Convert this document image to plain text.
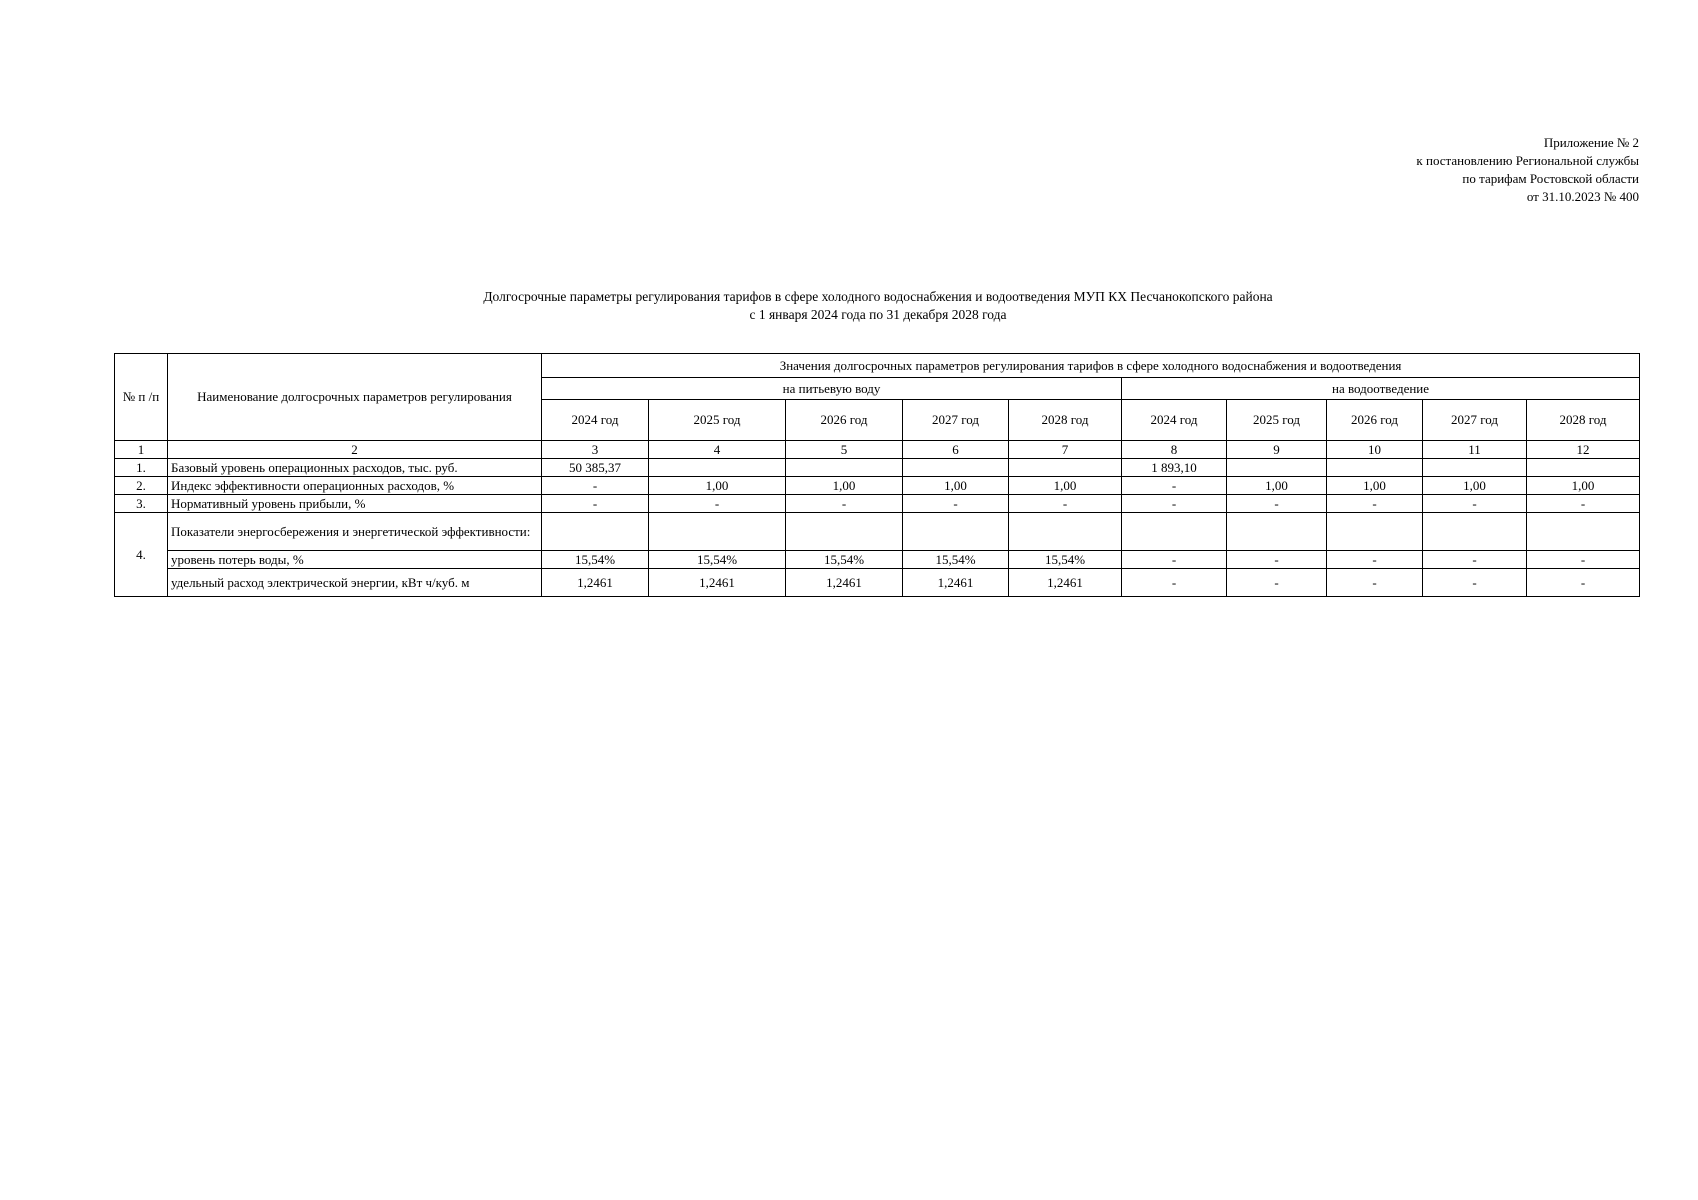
Приложение № 2
к постановлению Региональной службы
по тарифам Ростовской области
от 31.10.2023 № 400
Долгосрочные параметры регулирования тарифов в сфере холодного водоснабжения и водоотведения МУП КХ Песчанокопского района
с 1 января 2024 года по 31 декабря 2028 года
№ п /п	Наименование долгосрочных параметров регулирования	Значения долгосрочных параметров регулирования тарифов в сфере холодного водоснабжения и водоотведения									
		на питьевую воду					на водоотведение				
		2024 год	2025 год	2026 год	2027 год	2028 год	2024 год	2025 год	2026 год	2027 год	2028 год
1	2	3	4	5	6	7	8	9	10	11	12
1.	Базовый уровень операционных расходов, тыс. руб.	50 385,37					1 893,10				
2.	Индекс эффективности операционных расходов, %	-	1,00	1,00	1,00	1,00	-	1,00	1,00	1,00	1,00
3.	Нормативный уровень прибыли, %	-	-	-	-	-	-	-	-	-	-
4.	Показатели энергосбережения и энергетической эффективности:										
	уровень потерь воды, %	15,54%	15,54%	15,54%	15,54%	15,54%	-	-	-	-	-
	удельный расход электрической энергии, кВт ч/куб. м	1,2461	1,2461	1,2461	1,2461	1,2461	-	-	-	-	-
